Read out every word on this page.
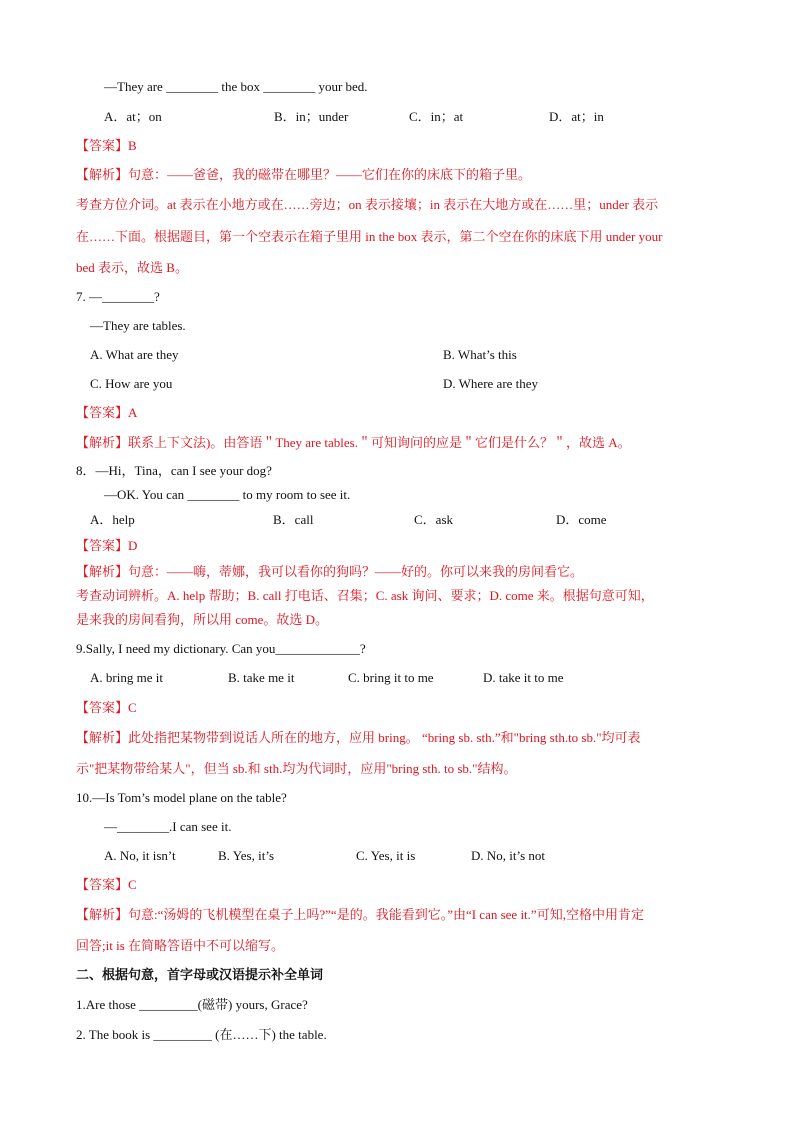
—They are ________ the box ________ your bed.
A．at；on	B．in；under	C．in；at	D．at；in
【答案】B
【解析】句意：——爸爸，我的磁带在哪里？——它们在你的床底下的箱子里。
考查方位介词。at 表示在小地方或在……旁边；on 表示接壤；in 表示在大地方或在……里；under 表示
在……下面。根据题目，第一个空表示在箱子里用 in the box 表示，第二个空在你的床底下用 under your
bed 表示，故选 B。
7. —________?
—They are tables.
A. What are they	B. What’s this
C. How are you	D. Where are they
【答案】A
【解析】联系上下文法)。由答语＂They are tables.＂可知询问的应是＂它们是什么？＂，故选 A。
8．—Hi，Tina，can I see your dog?
—OK. You can ________ to my room to see it.
A．help	B．call	C．ask	D．come
【答案】D
【解析】句意：——嗨，蒂娜，我可以看你的狗吗？——好的。你可以来我的房间看它。
考查动词辨析。A. help 帮助；B. call 打电话、召集；C. ask 询问、要求；D. come 来。根据句意可知，
是来我的房间看狗，所以用 come。故选 D。
9.Sally, I need my dictionary. Can you_____________?
A. bring me it	B. take me it	C. bring it to me	D. take it to me
【答案】C
【解析】此处指把某物带到说话人所在的地方，应用 bring。 “bring sb. sth.”和"bring sth.to sb."均可表
示"把某物带给某人"，但当 sb.和 sth.均为代词时，应用"bring sth. to sb."结构。
10.—Is Tom’s model plane on the table?
—________.I can see it.
A. No, it isn’t	B. Yes, it’s	C. Yes, it is	D. No, it’s not
【答案】C
【解析】句意:“汤姆的飞机模型在桌子上吗?”“是的。我能看到它。”由“I can see it.”可知,空格中用肯定
回答;it is 在简略答语中不可以缩写。
二、根据句意，首字母或汉语提示补全单词
1.Are those _________(磁带) yours, Grace?
2. The book is _________ (在……下) the table.
